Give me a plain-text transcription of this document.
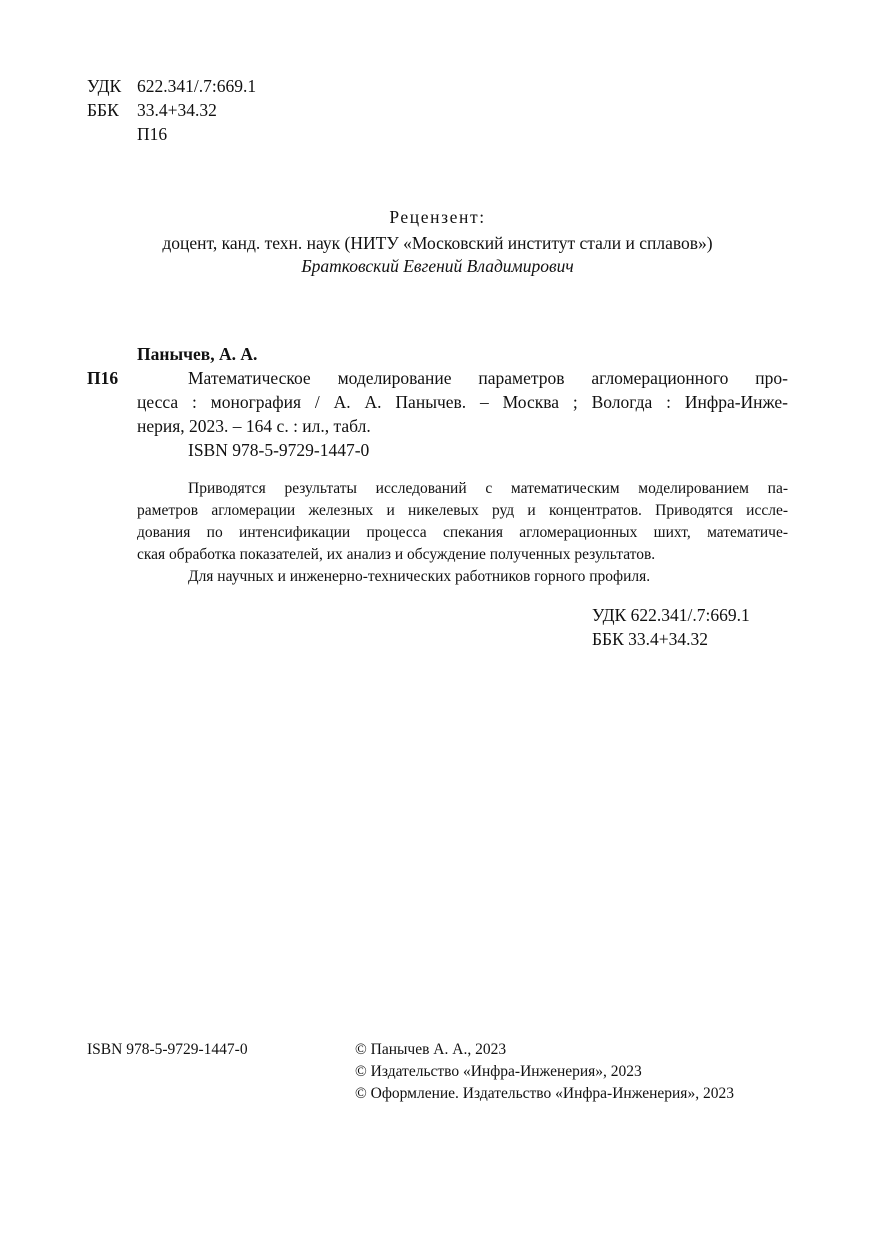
УДК 622.341/.7:669.1
ББК 33.4+34.32
П16
Рецензент:
доцент, канд. техн. наук (НИТУ «Московский институт стали и сплавов»)
Братковский Евгений Владимирович
Панычев, А. А.
П16	Математическое моделирование параметров агломерационного про-
цесса : монография / А. А. Панычев. – Москва ; Вологда : Инфра-Инже-
нерия, 2023. – 164 с. : ил., табл.
ISBN 978-5-9729-1447-0
Приводятся результаты исследований с математическим моделированием па-
раметров агломерации железных и никелевых руд и концентратов. Приводятся иссле-
дования по интенсификации процесса спекания агломерационных шихт, математиче-
ская обработка показателей, их анализ и обсуждение полученных результатов.
Для научных и инженерно-технических работников горного профиля.
УДК 622.341/.7:669.1
ББК 33.4+34.32
ISBN 978-5-9729-1447-0	© Панычев А. А., 2023
© Издательство «Инфра-Инженерия», 2023
© Оформление. Издательство «Инфра-Инженерия», 2023
